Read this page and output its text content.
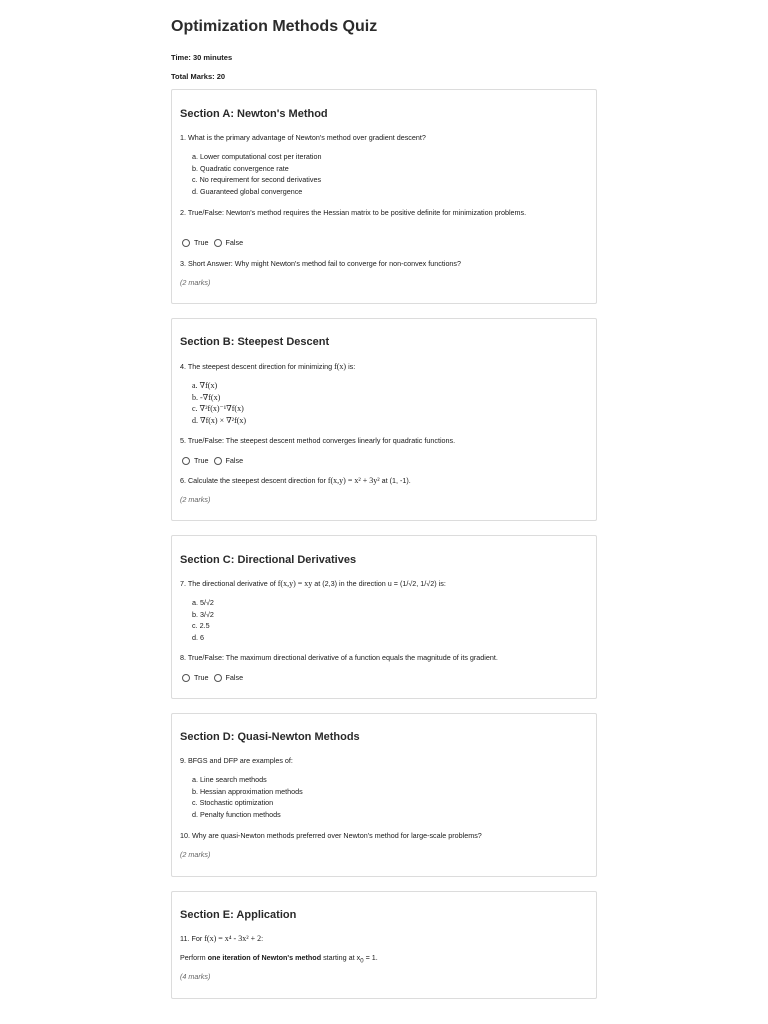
Optimization Methods Quiz

Time: 30 minutes

Total Marks: 20

Section A: Newton's Method

1. What is the primary advantage of Newton's method over gradient descent?

a. Lower computational cost per iteration
b. Quadratic convergence rate
c. No requirement for second derivatives
d. Guaranteed global convergence

2. True/False: Newton's method requires the Hessian matrix to be positive definite for minimization problems.

True False

3. Short Answer: Why might Newton's method fail to converge for non-convex functions?

(2 marks)

Section B: Steepest Descent

4. The steepest descent direction for minimizing f(x) is:

a. ∇f(x)
b. -∇f(x)
c. ∇²f(x)⁻¹∇f(x)
d. ∇f(x) × ∇²f(x)

5. True/False: The steepest descent method converges linearly for quadratic functions.

True False

6. Calculate the steepest descent direction for f(x,y) = x² + 3y² at (1, -1).

(2 marks)

Section C: Directional Derivatives

7. The directional derivative of f(x,y) = xy at (2,3) in the direction u = (1/√2, 1/√2) is:

a. 5/√2
b. 3/√2
c. 2.5
d. 6

8. True/False: The maximum directional derivative of a function equals the magnitude of its gradient.

True False
Section D: Quasi-Newton Methods

9. BFGS and DFP are examples of:

a. Line search methods
b. Hessian approximation methods
c. Stochastic optimization
d. Penalty function methods

10. Why are quasi-Newton methods preferred over Newton's method for large-scale problems?

(2 marks)

Section E: Application

11. For f(x) = x⁴ - 3x² + 2:

Perform one iteration of Newton's method starting at $x_0 = 1$.

(4 marks)
